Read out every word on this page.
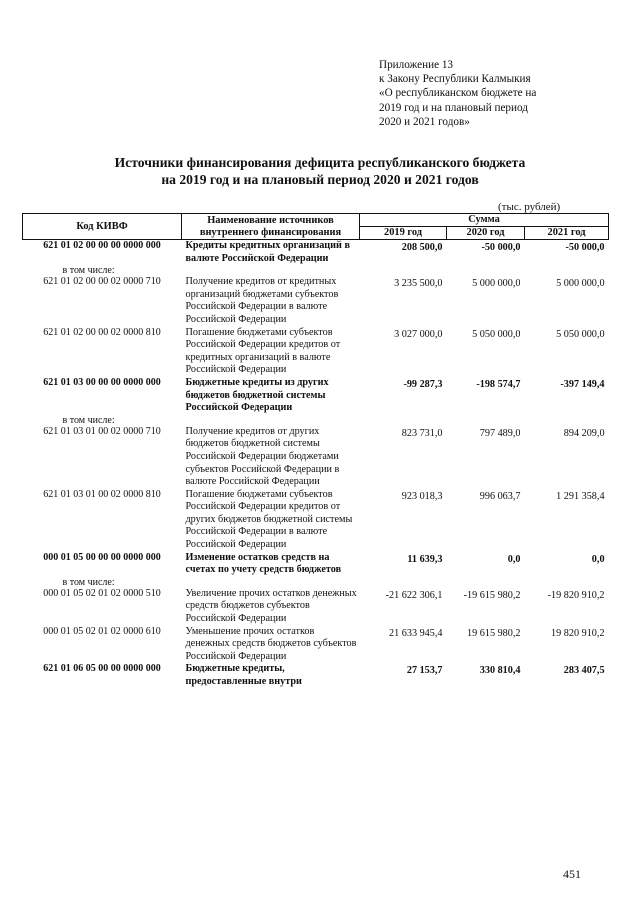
Приложение 13
к Закону Республики Калмыкия
«О республиканском бюджете на
2019 год и на плановый период
2020 и 2021 годов»
Источники финансирования дефицита республиканского бюджета
на 2019 год и на плановый период 2020 и 2021 годов
(тыс. рублей)
Код КИВФ	Наименование источников внутреннего финансирования	Сумма		
		2019 год	2020 год	2021 год
621 01 02 00 00 00 0000 000	Кредиты кредитных организаций в валюте Российской Федерации	208 500,0	-50 000,0	-50 000,0
в том числе:				
621 01 02 00 00 02 0000 710	Получение кредитов от кредитных организаций бюджетами субъектов Российской Федерации в валюте Российской Федерации	3 235 500,0	5 000 000,0	5 000 000,0
621 01 02 00 00 02 0000 810	Погашение бюджетами субъектов Российской Федерации кредитов от кредитных организаций в валюте Российской Федерации	3 027 000,0	5 050 000,0	5 050 000,0
621 01 03 00 00 00 0000 000	Бюджетные кредиты из других бюджетов бюджетной системы Российской Федерации	-99 287,3	-198 574,7	-397 149,4
в том числе:				
621 01 03 01 00 02 0000 710	Получение кредитов от других бюджетов бюджетной системы Российской Федерации бюджетами субъектов Российской Федерации в валюте Российской Федерации	823 731,0	797 489,0	894 209,0
621 01 03 01 00 02 0000 810	Погашение бюджетами субъектов Российской Федерации кредитов от других бюджетов бюджетной системы Российской Федерации в валюте Российской Федерации	923 018,3	996 063,7	1 291 358,4
000 01 05 00 00 00 0000 000	Изменение остатков средств на счетах по учету средств бюджетов	11 639,3	0,0	0,0
в том числе:				
000 01 05 02 01 02 0000 510	Увеличение прочих остатков денежных средств бюджетов субъектов Российской Федерации	-21 622 306,1	-19 615 980,2	-19 820 910,2
000 01 05 02 01 02 0000 610	Уменьшение прочих остатков денежных средств бюджетов субъектов Российской Федерации	21 633 945,4	19 615 980,2	19 820 910,2
621 01 06 05 00 00 0000 000	Бюджетные кредиты, предоставленные внутри	27 153,7	330 810,4	283 407,5
451
